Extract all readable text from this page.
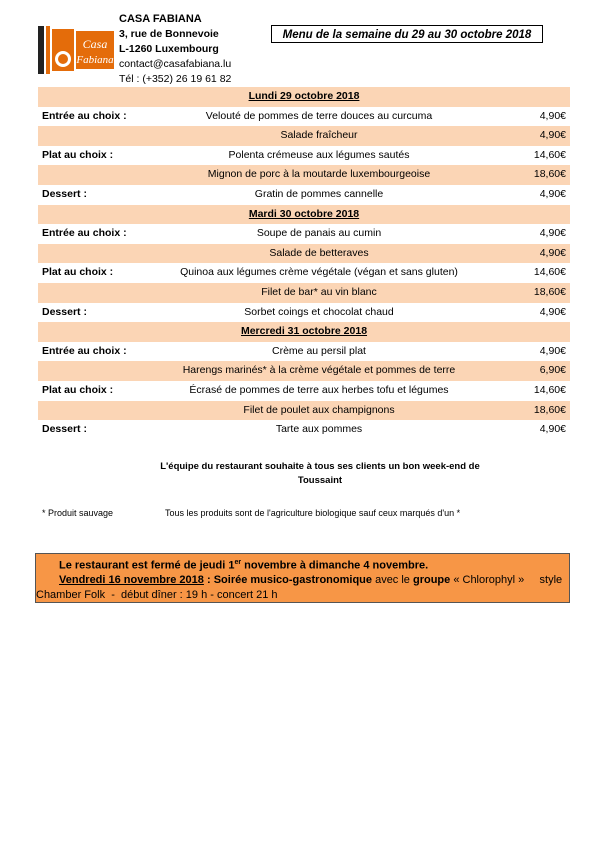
Casa
Fabiana
CASA FABIANA
3, rue de Bonnevoie
L-1260 Luxembourg
contact@casafabiana.lu
Tél : (+352) 26 19 61 82
Menu de la semaine du 29 au 30 octobre 2018
Lundi 29 octobre 2018
Entrée au choix :	Velouté de pommes de terre douces au curcuma	4,90€
Salade fraîcheur	4,90€
Plat au choix :	Polenta crémeuse aux légumes sautés	14,60€
Mignon de porc à la moutarde luxembourgeoise	18,60€
Dessert :	Gratin de pommes cannelle	4,90€
Mardi 30 octobre 2018
Entrée au choix :	Soupe de panais au cumin	4,90€
Salade de betteraves	4,90€
Plat au choix :	Quinoa aux légumes crème végétale (végan et sans gluten)	14,60€
Filet de bar* au vin blanc	18,60€
Dessert :	Sorbet coings et chocolat chaud	4,90€
Mercredi 31 octobre 2018
Entrée au choix :	Crème au persil plat	4,90€
Harengs marinés* à la crème végétale et pommes de terre	6,90€
Plat au choix :	Écrasé de pommes de terre aux herbes tofu et légumes	14,60€
Filet de poulet aux champignons	18,60€
Dessert :	Tarte aux pommes	4,90€
L'équipe du restaurant souhaite à tous ses clients un bon week-end de Toussaint
* Produit sauvage	Tous les produits sont de l'agriculture biologique sauf ceux marqués d'un *
Le restaurant est fermé de jeudi 1er novembre à dimanche 4 novembre.
Vendredi 16 novembre 2018 : Soirée musico-gastronomique avec le groupe « Chlorophyl »     style
Chamber Folk  -  début dîner : 19 h - concert 21 h
